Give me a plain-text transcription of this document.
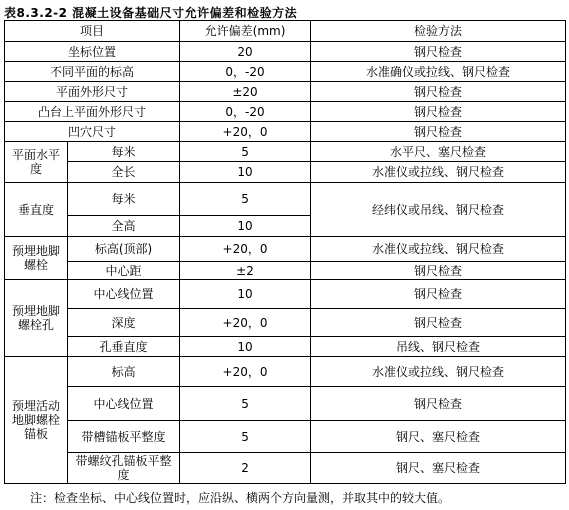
表8.3.2-2 混凝土设备基础尺寸允许偏差和检验方法
项目		允许偏差(mm)	检验方法
坐标位置		20	钢尺检查
不同平面的标高		0，-20	水准确仪或拉线、钢尺检查
平面外形尺寸		±20	钢尺检查
凸台上平面外形尺寸		0，-20	钢尺检查
凹穴尺寸		+20，0	钢尺检查
平面水平度	每米	5	水平尺、塞尺检查
	全长	10	水准仪或拉线、钢尺检查
垂直度	每米	5	经纬仪或吊线、钢尺检查
	全高	10	
预埋地脚螺栓	标高(顶部)	+20，0	水准仪或拉线、钢尺检查
	中心距	±2	钢尺检查
预埋地脚螺栓孔	中心线位置	10	钢尺检查
	深度	+20，0	钢尺检查
	孔垂直度	10	吊线、钢尺检查
预埋活动地脚螺栓锚板	标高	+20，0	水准仪或拉线、钢尺检查
	中心线位置	5	钢尺检查
	带槽锚板平整度	5	钢尺、塞尺检查
	带螺纹孔锚板平整度	2	钢尺、塞尺检查
注：检查坐标、中心线位置时，应沿纵、横两个方向量测，并取其中的较大值。
